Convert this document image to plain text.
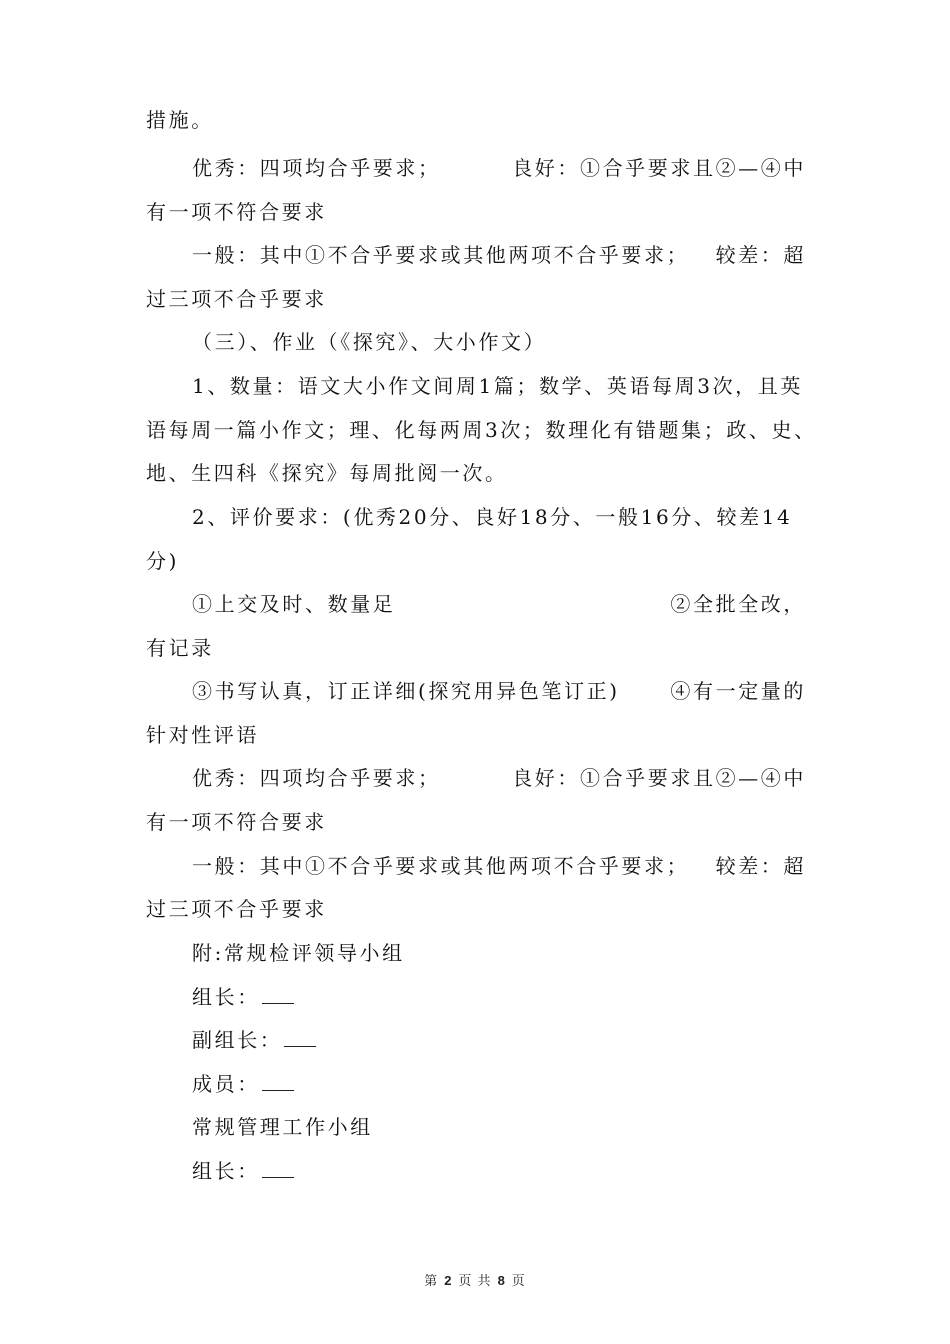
措施。
优秀：四项均合乎要求；	良好：①合乎要求且②—④中
有一项不符合要求
一般：其中①不合乎要求或其他两项不合乎要求； 较差：超
过三项不合乎要求
（三）、作业（《探究》、大小作文）
1、数量：语文大小作文间周1篇；数学、英语每周3次，且英
语每周一篇小作文；理、化每两周3次；数理化有错题集；政、史、
地、生四科《探究》每周批阅一次。
2、评价要求：(优秀20分、良好18分、一般16分、较差14
分)
①上交及时、数量足	②全批全改，
有记录
③书写认真，订正详细(探究用异色笔订正)	④有一定量的
针对性评语
优秀：四项均合乎要求；	良好：①合乎要求且②—④中
有一项不符合要求
一般：其中①不合乎要求或其他两项不合乎要求； 较差：超
过三项不合乎要求
附:常规检评领导小组
组长：
副组长：
成员：
常规管理工作小组
组长：
第 2 页 共 8 页
